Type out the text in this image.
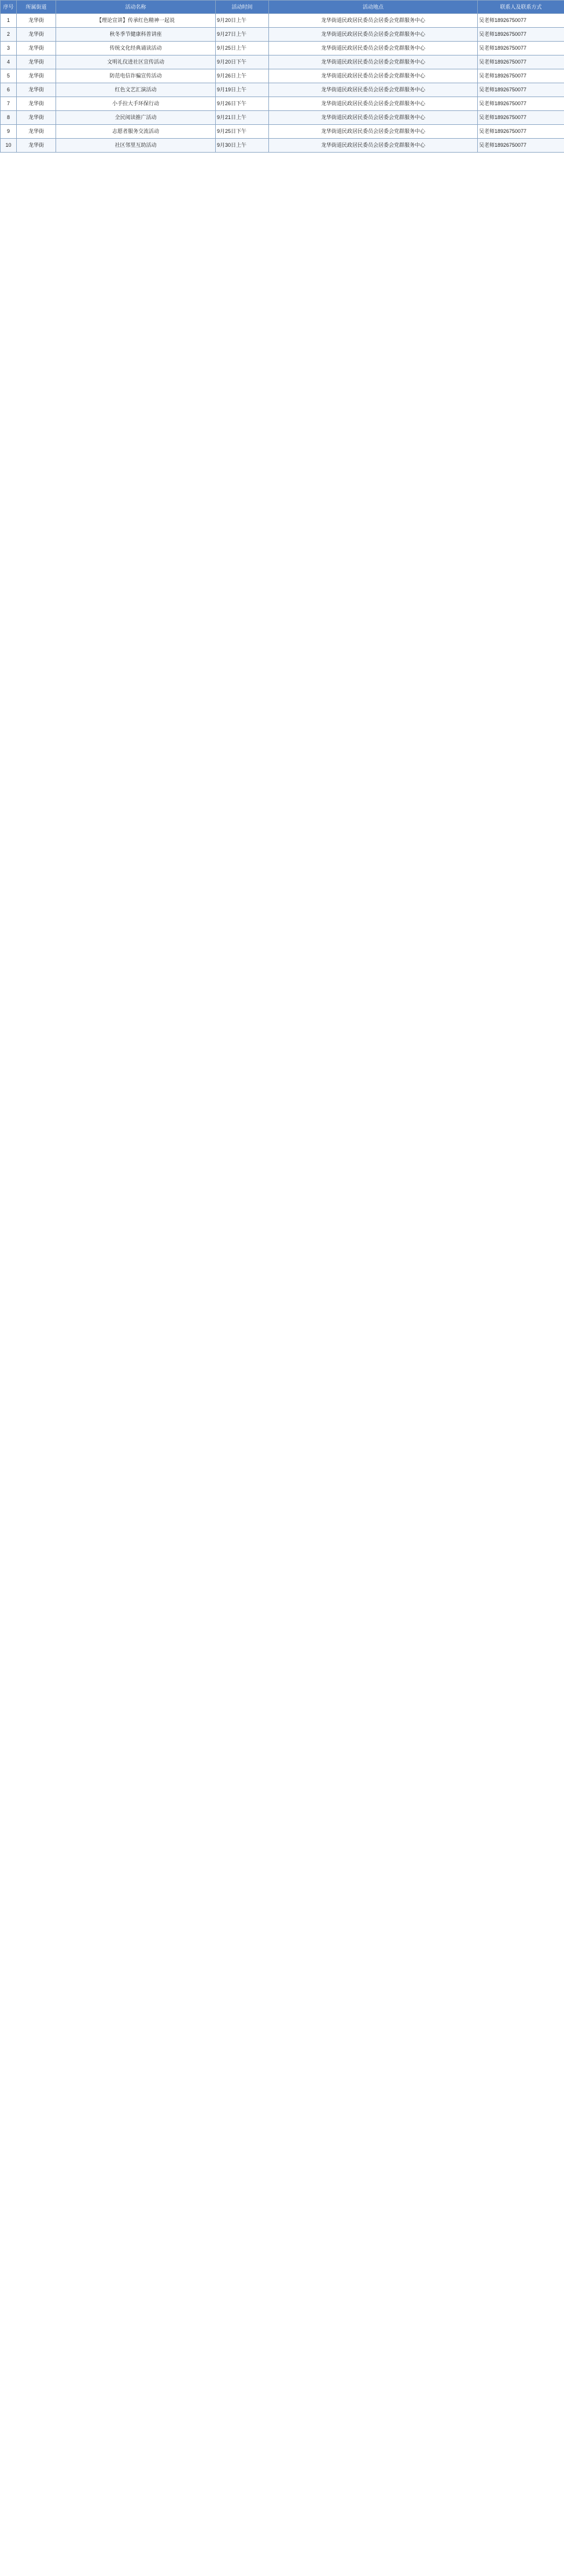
序号	所属街道	活动名称	活动时间	活动地点	联系人及联系方式
1	龙华街	【理论宣讲】传承红色精神一起说	9月20日上午	龙华街道民政居民委员会居委会党群服务中心	吴老师18926750077
2	龙华街	秋冬季节健康科普讲座	9月27日上午	龙华街道民政居民委员会居委会党群服务中心	吴老师18926750077
3	龙华街	传统文化经典诵读活动	9月25日上午	龙华街道民政居民委员会居委会党群服务中心	吴老师18926750077
4	龙华街	文明礼仪进社区宣传活动	9月20日下午	龙华街道民政居民委员会居委会党群服务中心	吴老师18926750077
5	龙华街	防范电信诈骗宣传活动	9月26日上午	龙华街道民政居民委员会居委会党群服务中心	吴老师18926750077
6	龙华街	红色文艺汇演活动	9月19日上午	龙华街道民政居民委员会居委会党群服务中心	吴老师18926750077
7	龙华街	小手拉大手环保行动	9月26日下午	龙华街道民政居民委员会居委会党群服务中心	吴老师18926750077
8	龙华街	全民阅读推广活动	9月21日上午	龙华街道民政居民委员会居委会党群服务中心	吴老师18926750077
9	龙华街	志愿者服务交流活动	9月25日下午	龙华街道民政居民委员会居委会党群服务中心	吴老师18926750077
10	龙华街	社区邻里互助活动	9月30日上午	龙华街道民政居民委员会居委会党群服务中心	吴老师18926750077
